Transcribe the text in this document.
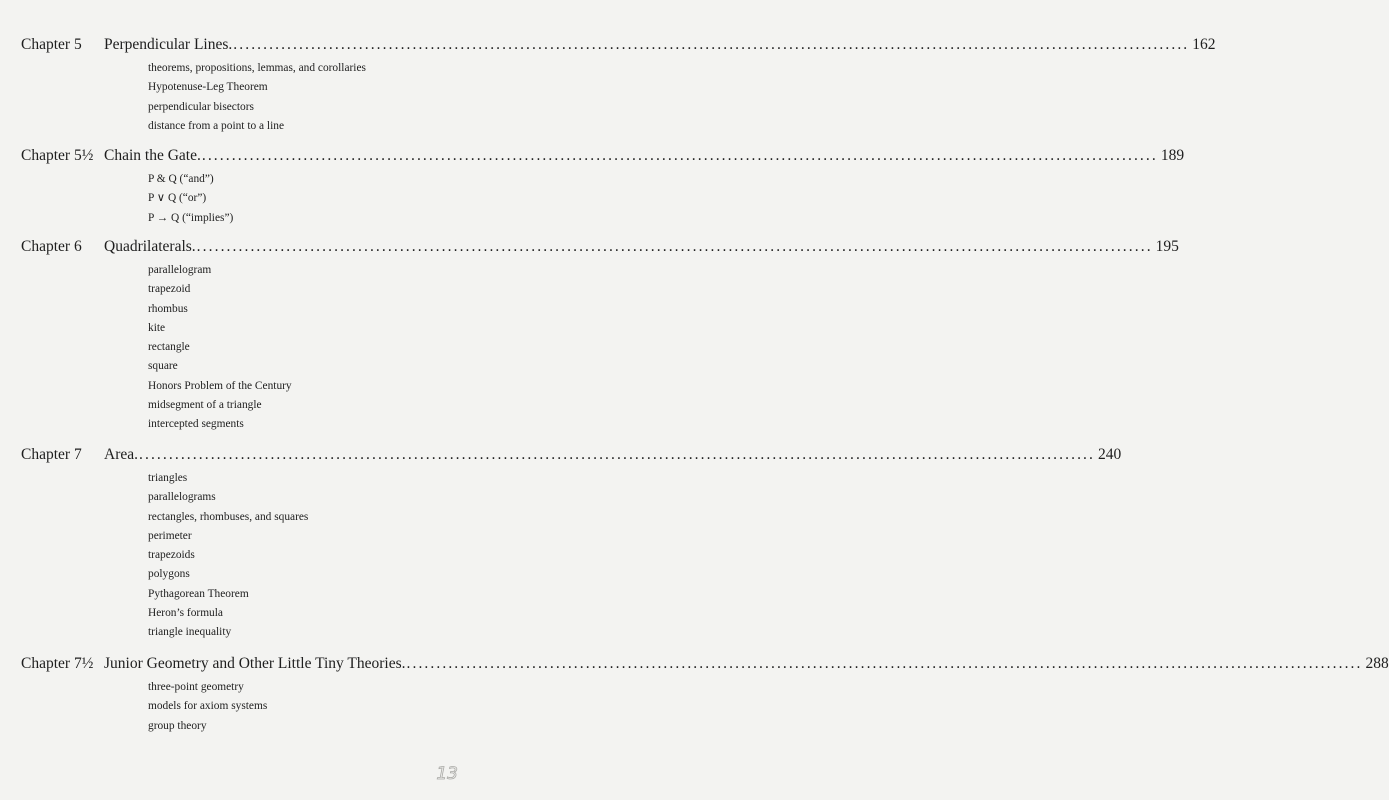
Chapter 5 Perpendicular Lines. ................................................................................................................................................................ 162
theorems, propositions, lemmas, and corollaries
Hypotenuse-Leg Theorem
perpendicular bisectors
distance from a point to a line
Chapter 5½ Chain the Gate. ................................................................................................................................................................ 189
P & Q (“and”)
P ∨ Q (“or”)
P → Q (“implies”)
Chapter 6 Quadrilaterals. ................................................................................................................................................................ 195
parallelogram
trapezoid
rhombus
kite
rectangle
square
Honors Problem of the Century
midsegment of a triangle
intercepted segments
Chapter 7 Area. ................................................................................................................................................................ 240
triangles
parallelograms
rectangles, rhombuses, and squares
perimeter
trapezoids
polygons
Pythagorean Theorem
Heron’s formula
triangle inequality
Chapter 7½ Junior Geometry and Other Little Tiny Theories. ................................................................................................................................................................ 288
three-point geometry
models for axiom systems
group theory
13
